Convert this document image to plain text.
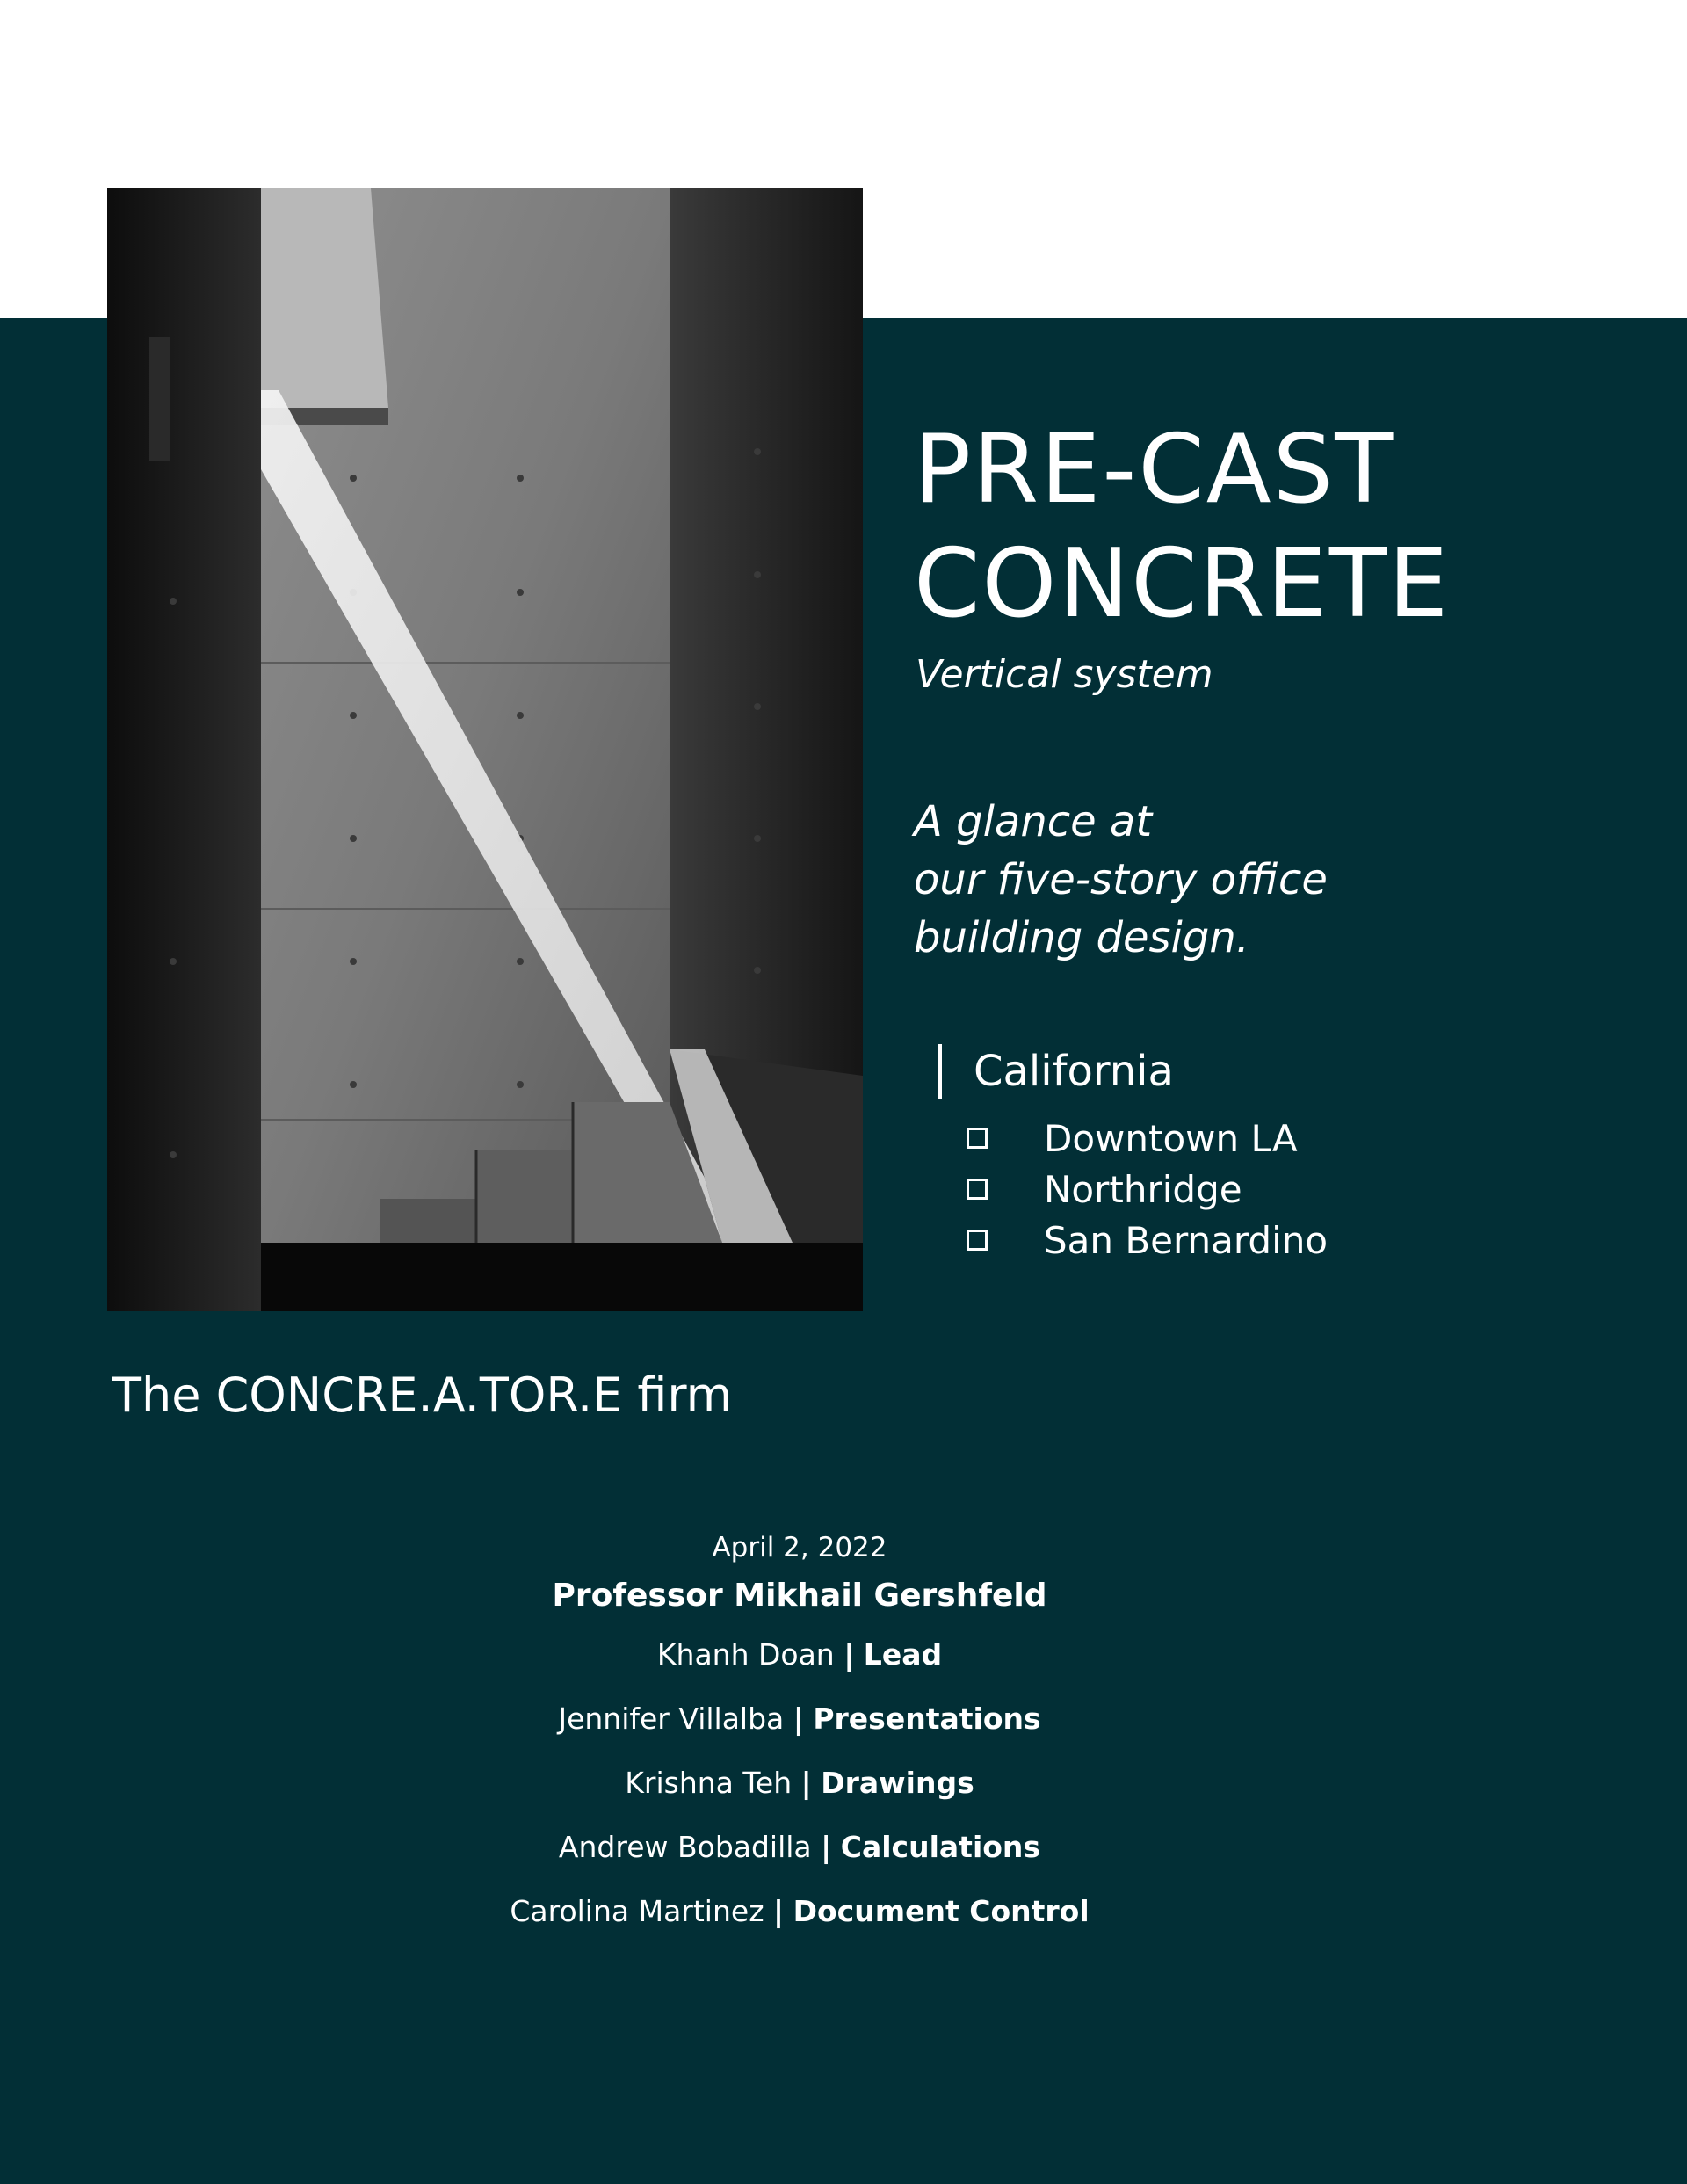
PRE-CAST
CONCRETE

Vertical system

A glance at
our five-story office
building design.

California
Downtown LA
Northridge
San Bernardino

The CONCRE.A.TOR.E firm

April 2, 2022
Professor Mikhail Gershfeld
Khanh Doan | Lead
Jennifer Villalba | Presentations
Krishna Teh | Drawings
Andrew Bobadilla | Calculations
Carolina Martinez | Document Control
